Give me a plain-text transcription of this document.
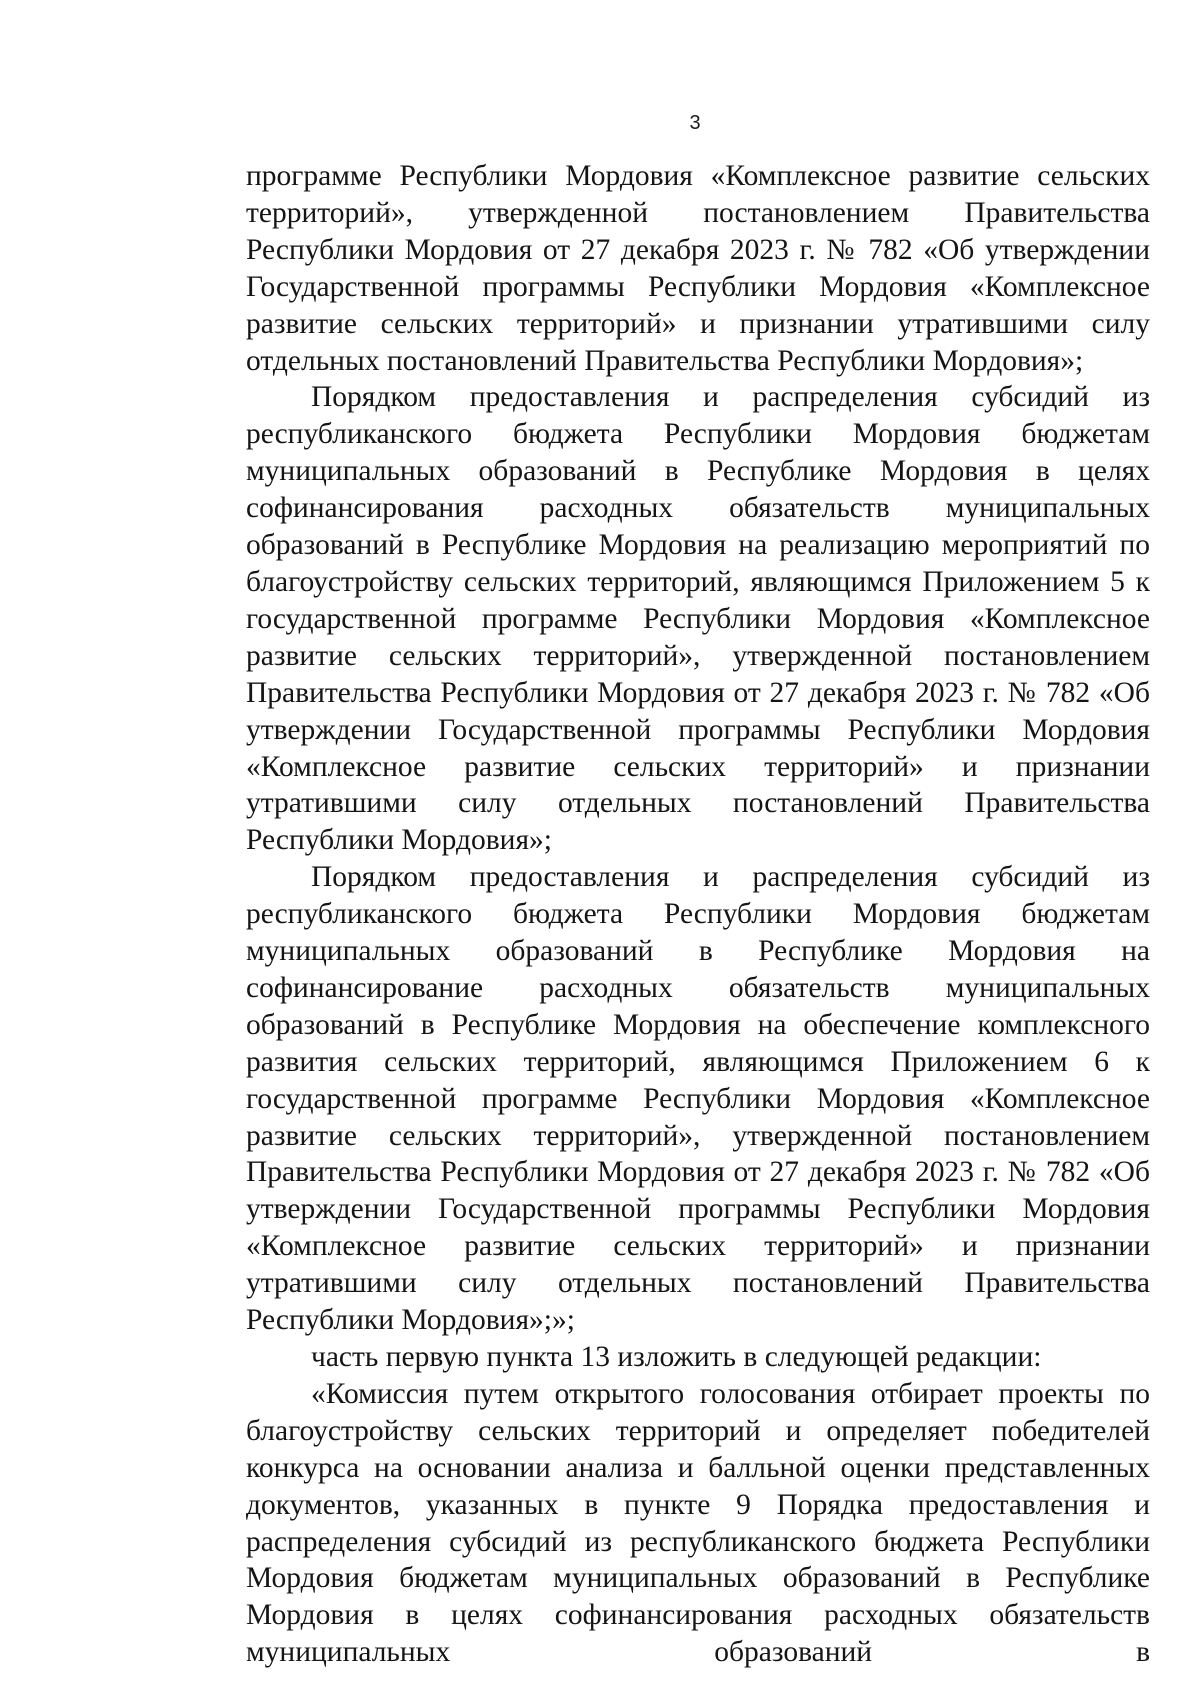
3

программе Республики Мордовия «Комплексное развитие сельских территорий», утвержденной постановлением Правительства Республики Мордовия от 27 декабря 2023 г. № 782 «Об утверждении Государственной программы Республики Мордовия «Комплексное развитие сельских территорий» и признании утратившими силу отдельных постановлений Правительства Республики Мордовия»;

Порядком предоставления и распределения субсидий из республиканского бюджета Республики Мордовия бюджетам муниципальных образований в Республике Мордовия в целях софинансирования расходных обязательств муниципальных образований в Республике Мордовия на реализацию мероприятий по благоустройству сельских территорий, являющимся Приложением 5 к государственной программе Республики Мордовия «Комплексное развитие сельских территорий», утвержденной постановлением Правительства Республики Мордовия от 27 декабря 2023 г. № 782 «Об утверждении Государственной программы Республики Мордовия «Комплексное развитие сельских территорий» и признании утратившими силу отдельных постановлений Правительства Республики Мордовия»;

Порядком предоставления и распределения субсидий из республиканского бюджета Республики Мордовия бюджетам муниципальных образований в Республике Мордовия на софинансирование расходных обязательств муниципальных образований в Республике Мордовия на обеспечение комплексного развития сельских территорий, являющимся Приложением 6 к государственной программе Республики Мордовия «Комплексное развитие сельских территорий», утвержденной постановлением Правительства Республики Мордовия от 27 декабря 2023 г. № 782 «Об утверждении Государственной программы Республики Мордовия «Комплексное развитие сельских территорий» и признании утратившими силу отдельных постановлений Правительства Республики Мордовия»;»;

часть первую пункта 13 изложить в следующей редакции:

«Комиссия путем открытого голосования отбирает проекты по благоустройству сельских территорий и определяет победителей конкурса на основании анализа и балльной оценки представленных документов, указанных в пункте 9 Порядка предоставления и распределения субсидий из республиканского бюджета Республики Мордовия бюджетам муниципальных образований в Республике Мордовия в целях софинансирования расходных обязательств муниципальных образований в
